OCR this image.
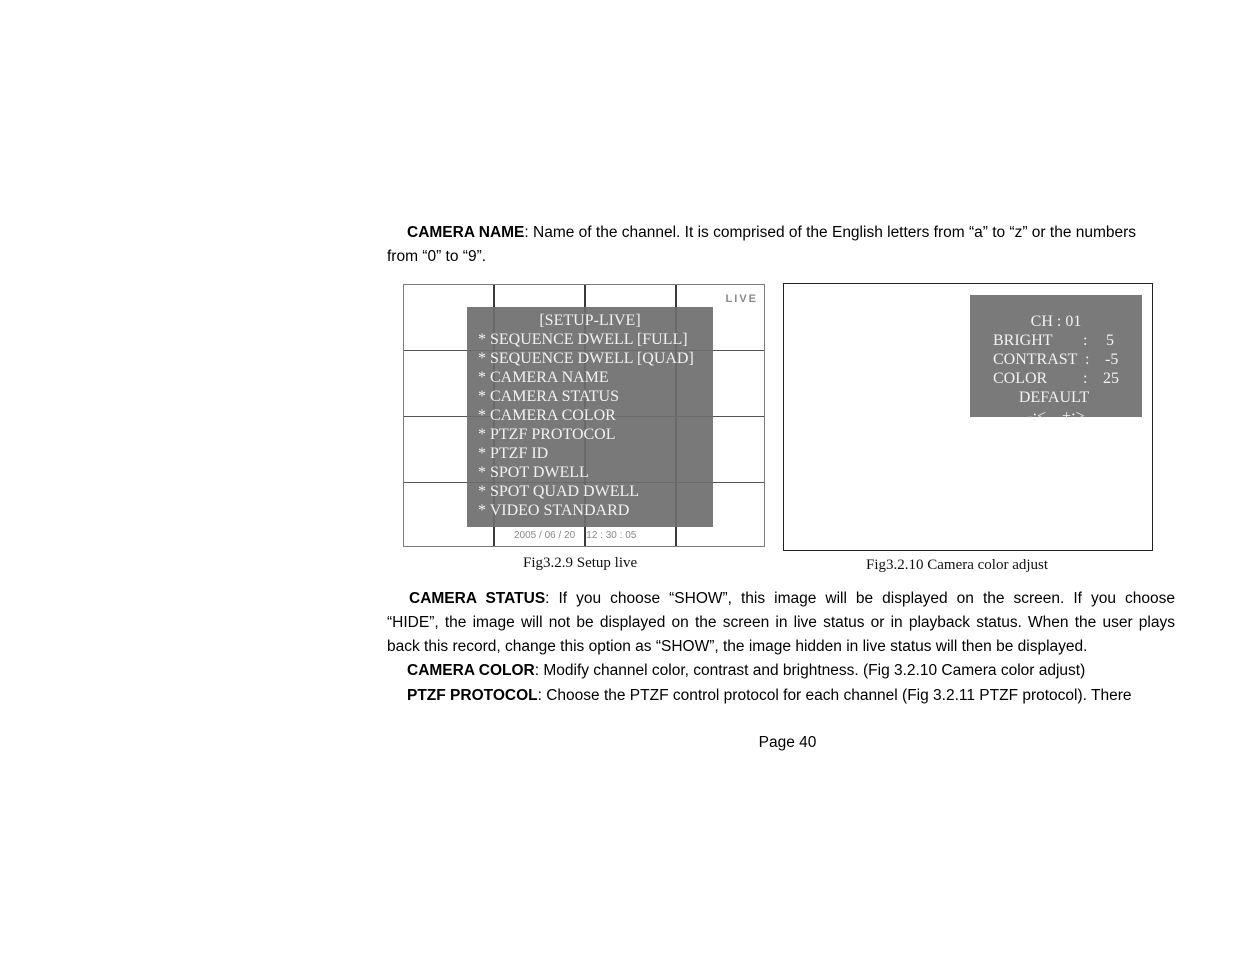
CAMERA NAME: Name of the channel. It is comprised of the English letters from “a” to “z” or the numbers
from “0” to “9”.

LIVE
[SETUP-LIVE]
* SEQUENCE DWELL [FULL]
* SEQUENCE DWELL [QUAD]
* CAMERA NAME
* CAMERA STATUS
* CAMERA COLOR
* PTZF PROTOCOL
* PTZF ID
* SPOT DWELL
* SPOT QUAD DWELL
* VIDEO STANDARD
2005 / 06 / 20    12 : 30 : 05
Fig3.2.9 Setup live
CH : 01
BRIGHT : 5
CONTRAST : -5
COLOR : 25
DEFAULT
-:<    +:>
Fig3.2.10 Camera color adjust

CAMERA STATUS: If you choose “SHOW”, this image will be displayed on the screen. If you choose
“HIDE”, the image will not be displayed on the screen in live status or in playback status. When the user plays
back this record, change this option as “SHOW”, the image hidden in live status will then be displayed.

CAMERA COLOR: Modify channel color, contrast and brightness. (Fig 3.2.10 Camera color adjust)

PTZF PROTOCOL: Choose the PTZF control protocol for each channel (Fig 3.2.11 PTZF protocol). There

Page 40
